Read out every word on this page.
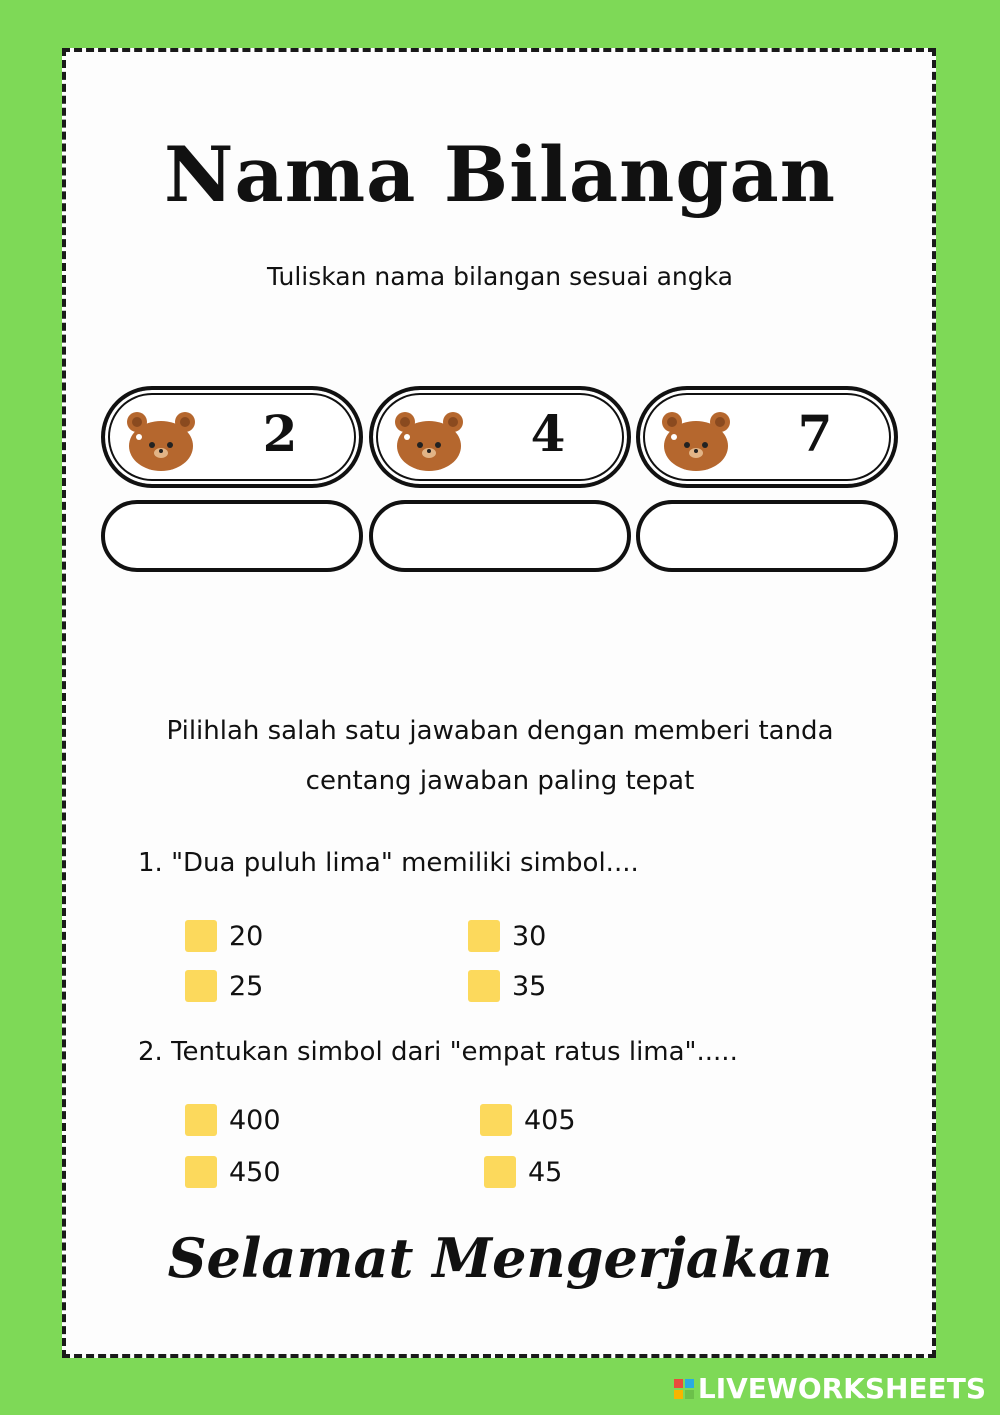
Nama Bilangan
Tuliskan nama bilangan sesuai angka
2	4	7
Pilihlah salah satu jawaban dengan memberi tanda
centang jawaban paling tepat
1. "Dua puluh lima" memiliki simbol....
20	30
25	35
2. Tentukan simbol dari "empat ratus lima".....
400	405
450	45
Selamat Mengerjakan
LIVEWORKSHEETS
